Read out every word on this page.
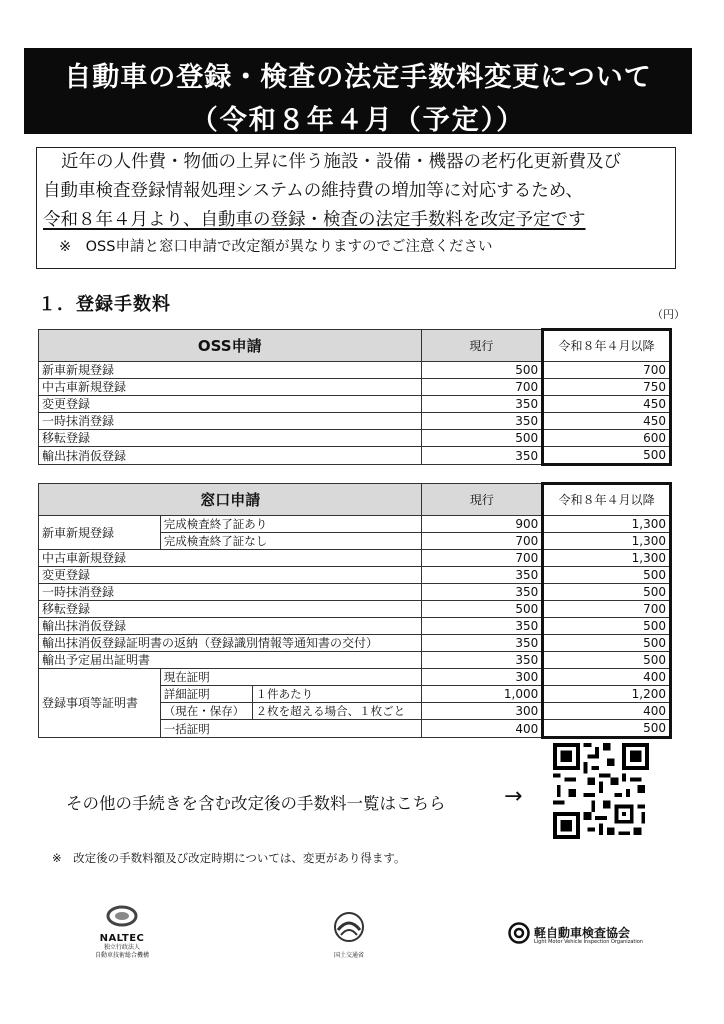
自動車の登録・検査の法定手数料変更について
（令和８年４月（予定））
近年の人件費・物価の上昇に伴う施設・設備・機器の老朽化更新費及び
自動車検査登録情報処理システムの維持費の増加等に対応するため、
令和８年４月より、自動車の登録・検査の法定手数料を改定予定です
※　OSS申請と窓口申請で改定額が異なりますのでご注意ください
１．登録手数料	（円）
OSS申請	現行	令和８年４月以降
新車新規登録	500	700
中古車新規登録	700	750
変更登録	350	450
一時抹消登録	350	450
移転登録	500	600
輸出抹消仮登録	350	500
窓口申請			現行	令和８年４月以降
新車新規登録	完成検査終了証あり		900	1,300
	完成検査終了証なし		700	1,300
中古車新規登録			700	1,300
変更登録			350	500
一時抹消登録			350	500
移転登録			500	700
輸出抹消仮登録			350	500
輸出抹消仮登録証明書の返納（登録識別情報等通知書の交付）			350	500
輸出予定届出証明書			350	500
登録事項等証明書	現在証明		300	400
	詳細証明	１件あたり	1,000	1,200
	（現在・保存）	２枚を超える場合、１枚ごと	300	400
	一括証明		400	500
その他の手続きを含む改定後の手数料一覧はこちら	→
※　改定後の手数料額及び改定時期については、変更があり得ます。
NALTEC
独立行政法人
自動車技術総合機構	国土交通省
軽自動車検査協会
Light Motor Vehicle Inspection Organization
